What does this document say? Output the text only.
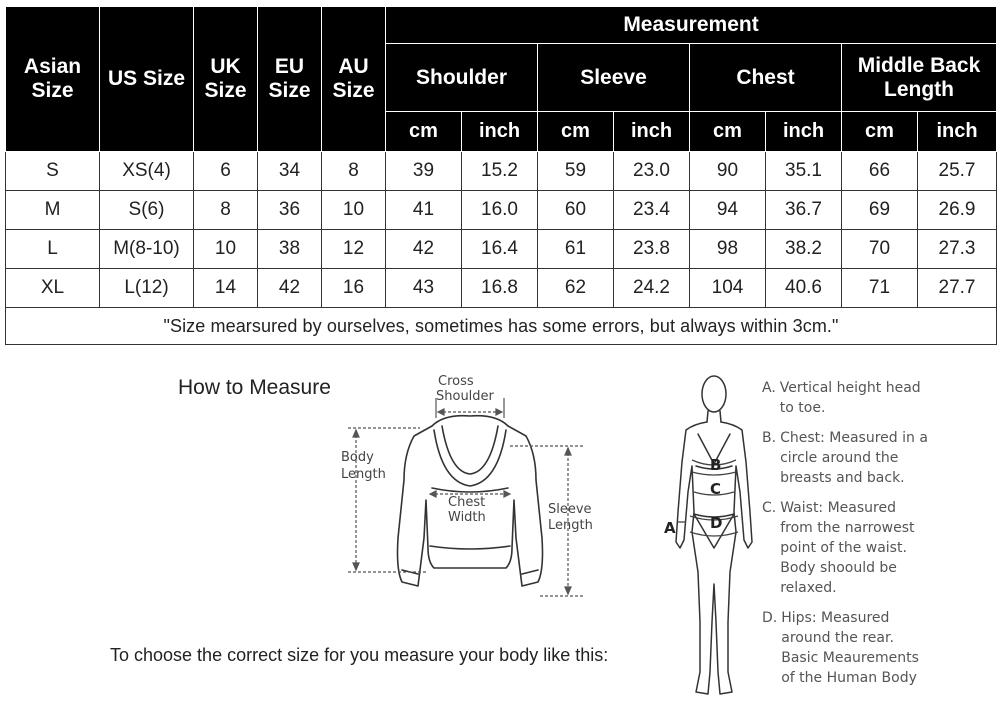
Asian Size	US Size	UK Size	EU Size	AU Size	Measurement							
					Shoulder		Sleeve		Chest		Middle Back Length	
					cm	inch	cm	inch	cm	inch	cm	inch
S	XS(4)	6	34	8	39	15.2	59	23.0	90	35.1	66	25.7
M	S(6)	8	36	10	41	16.0	60	23.4	94	36.7	69	26.9
L	M(8-10)	10	38	12	42	16.4	61	23.8	98	38.2	70	27.3
XL	L(12)	14	42	16	43	16.8	62	24.2	104	40.6	71	27.7
"Size mearsured by ourselves, sometimes has some errors, but always within 3cm."												
How to Measure	Cross
Shoulder
Body
Length
Chest
Width
Sleeve
Length
To choose the correct size for you measure your body like this:
B
C
D
A
A. Vertical height head
to toe.
B. Chest: Measured in a
circle around the
breasts and back.
C. Waist: Measured
from the narrowest
point of the waist.
Body shoould be
relaxed.
D. Hips: Measured
around the rear.
Basic Meaurements
of the Human Body
